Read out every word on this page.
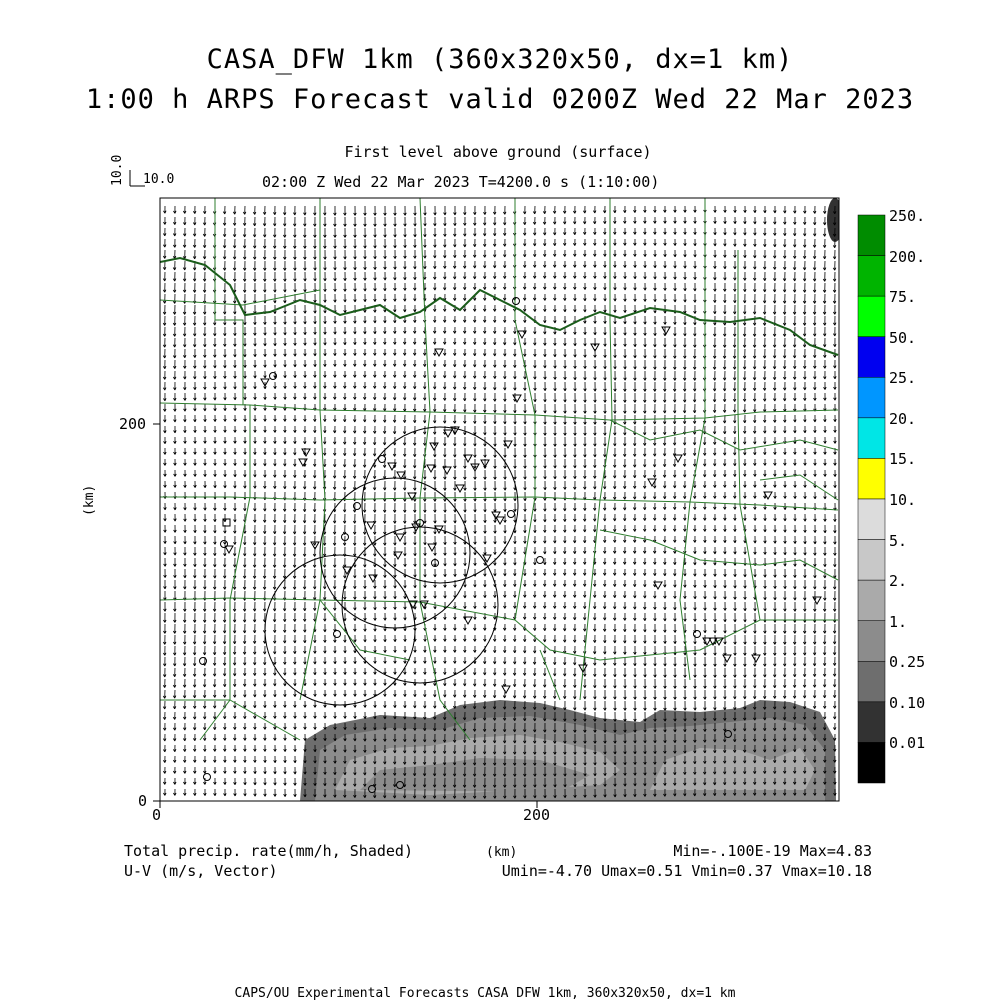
CASA_DFW 1km (360x320x50, dx=1 km)
1:00 h ARPS Forecast valid 0200Z Wed 22 Mar 2023
First level above ground (surface)
02:00 Z Wed 22 Mar 2023 T=4200.0 s (1:10:00)
10.0 10.0
0	200
0
200
(km)
250.
200.
75.
50.
25.
20.
15.
10.
5.
2.
1.
0.25
0.10
0.01
Total precip. rate(mm/h, Shaded)
U-V (m/s, Vector)
(km)	Min=-.100E-19 Max=4.83
Umin=-4.70 Umax=0.51 Vmin=0.37 Vmax=10.18
CAPS/OU Experimental Forecasts CASA DFW 1km, 360x320x50, dx=1 km
